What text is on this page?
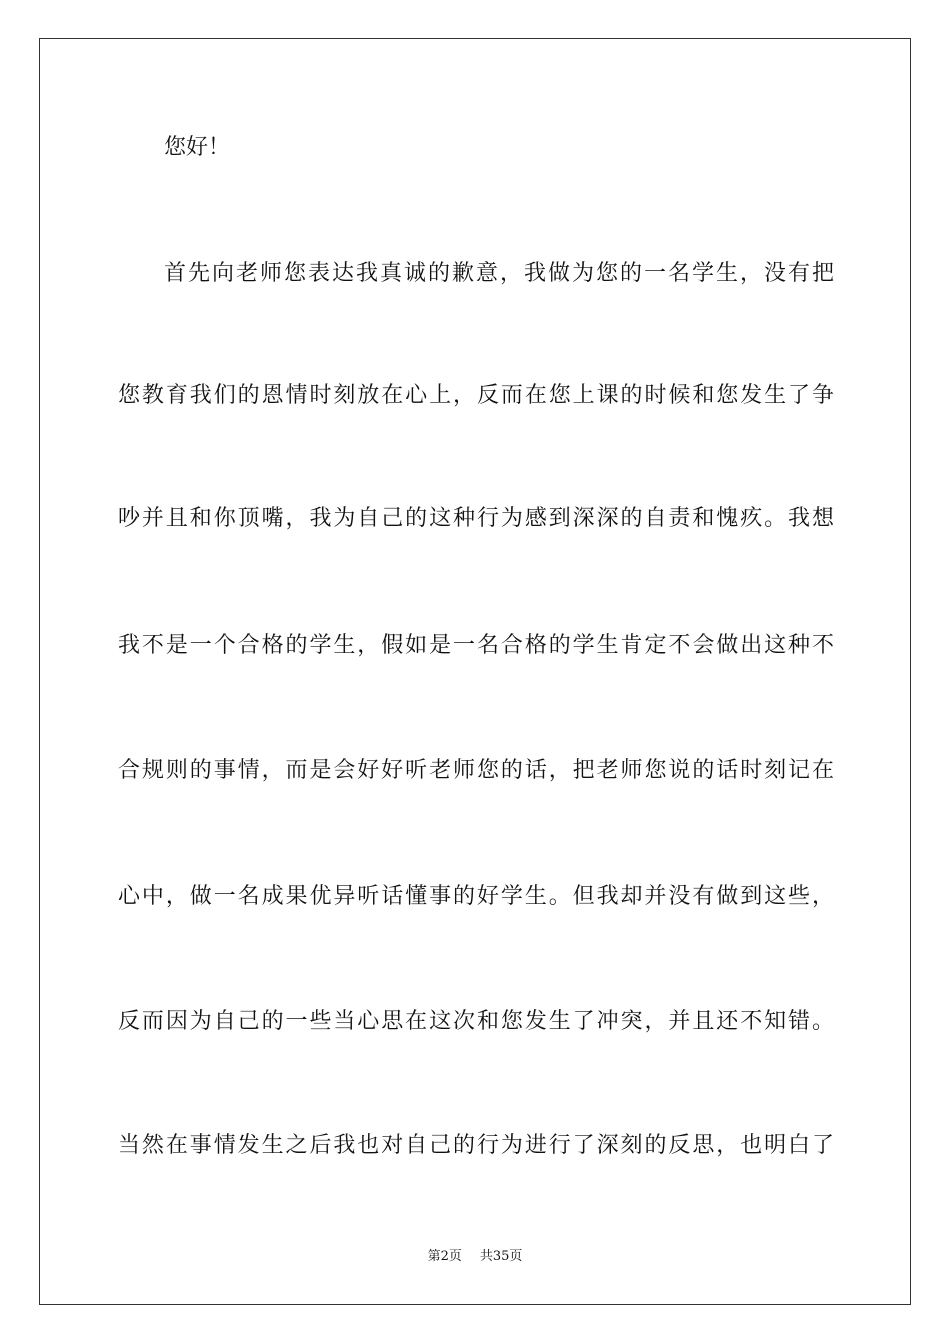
您好！
首先向老师您表达我真诚的歉意，我做为您的一名学生，没有把
您教育我们的恩情时刻放在心上，反而在您上课的时候和您发生了争
吵并且和你顶嘴，我为自己的这种行为感到深深的自责和愧疚。我想
我不是一个合格的学生，假如是一名合格的学生肯定不会做出这种不
合规则的事情，而是会好好听老师您的话，把老师您说的话时刻记在
心中，做一名成果优异听话懂事的好学生。但我却并没有做到这些，
反而因为自己的一些当心思在这次和您发生了冲突，并且还不知错。
当然在事情发生之后我也对自己的行为进行了深刻的反思，也明白了
第2页 共35页
